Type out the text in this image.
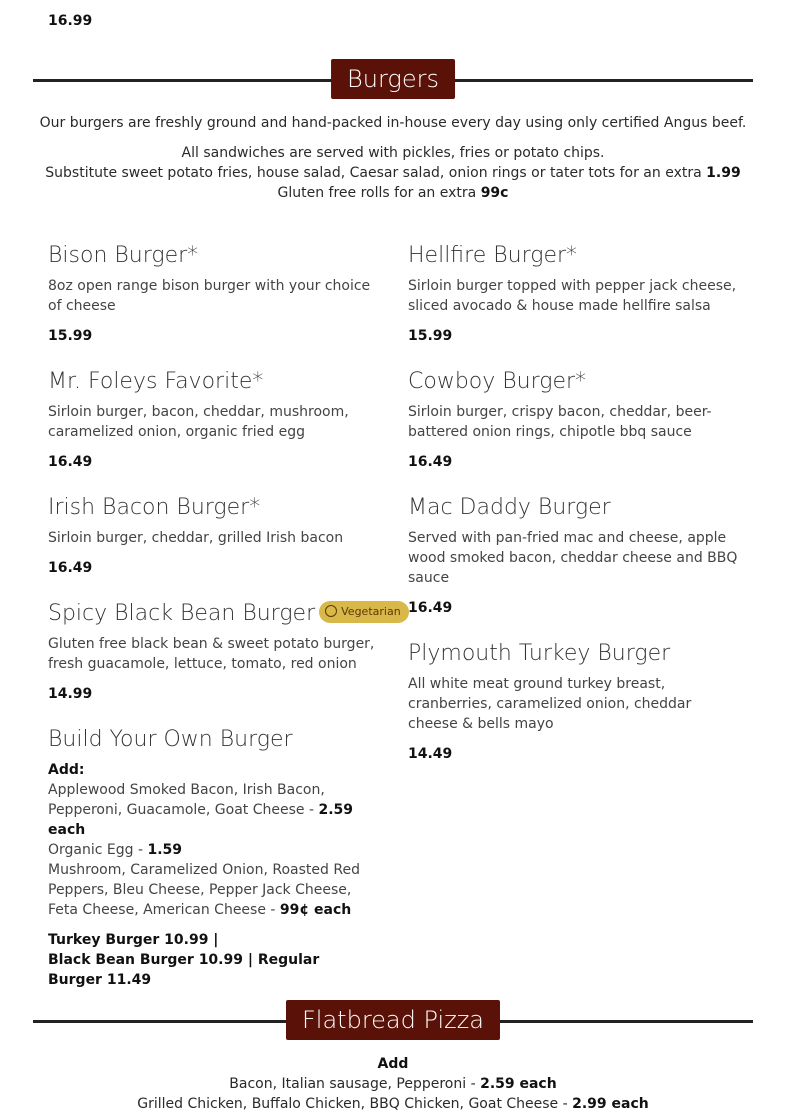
16.99
Burgers
Our burgers are freshly ground and hand-packed in-house every day using only certified Angus beef.
All sandwiches are served with pickles, fries or potato chips.
Substitute sweet potato fries, house salad, Caesar salad, onion rings or tater tots for an extra 1.99
Gluten free rolls for an extra 99c
Bison Burger*
8oz open range bison burger with your choice of cheese
15.99
Mr. Foleys Favorite*
Sirloin burger, bacon, cheddar, mushroom, caramelized onion, organic fried egg
16.49
Irish Bacon Burger*
Sirloin burger, cheddar, grilled Irish bacon
16.49
Spicy Black Bean Burger Vegetarian
Gluten free black bean & sweet potato burger, fresh guacamole, lettuce, tomato, red onion
14.99
Build Your Own Burger
Add:
Applewood Smoked Bacon, Irish Bacon, Pepperoni, Guacamole, Goat Cheese - 2.59 each
Organic Egg - 1.59
Mushroom, Caramelized Onion, Roasted Red Peppers, Bleu Cheese, Pepper Jack Cheese, Feta Cheese, American Cheese - 99¢ each
Turkey Burger 10.99 |
Black Bean Burger 10.99 | Regular Burger 11.49
Hellfire Burger*
Sirloin burger topped with pepper jack cheese, sliced avocado & house made hellfire salsa
15.99
Cowboy Burger*
Sirloin burger, crispy bacon, cheddar, beer-battered onion rings, chipotle bbq sauce
16.49
Mac Daddy Burger
Served with pan-fried mac and cheese, apple wood smoked bacon, cheddar cheese and BBQ sauce
16.49
Plymouth Turkey Burger
All white meat ground turkey breast, cranberries, caramelized onion, cheddar cheese & bells mayo
14.49
Flatbread Pizza
Add
Bacon, Italian sausage, Pepperoni - 2.59 each
Grilled Chicken, Buffalo Chicken, BBQ Chicken, Goat Cheese - 2.99 each
